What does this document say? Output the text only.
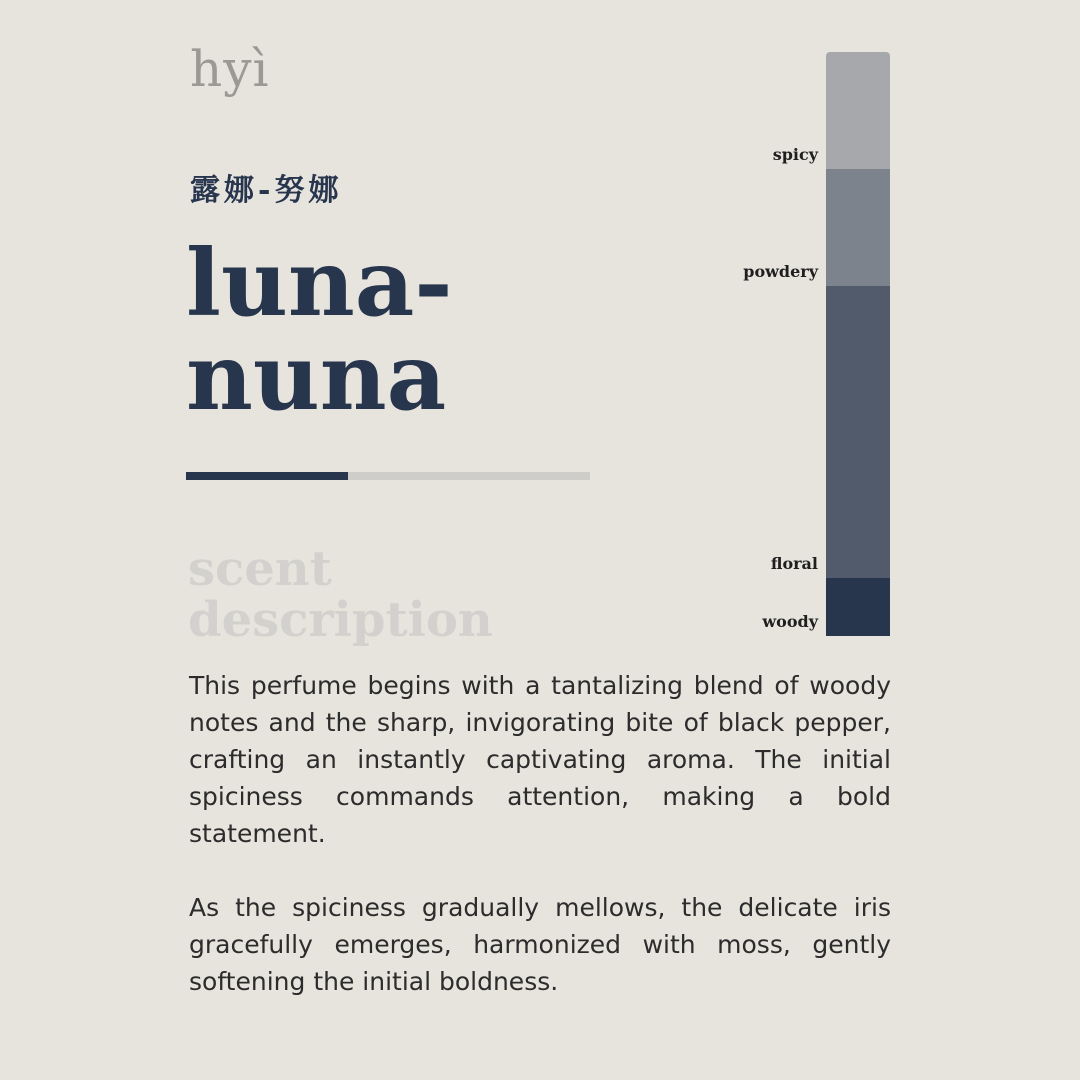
hyì
露娜-努娜
luna-
nuna
scent
description

This perfume begins with a tantalizing blend of woody notes and the sharp, invigorating bite of black pepper, crafting an instantly captivating aroma. The initial spiciness commands attention, making a bold statement.

As the spiciness gradually mellows, the delicate iris gracefully emerges, harmonized with moss, gently softening the initial boldness.

spicy
powdery
floral
woody
